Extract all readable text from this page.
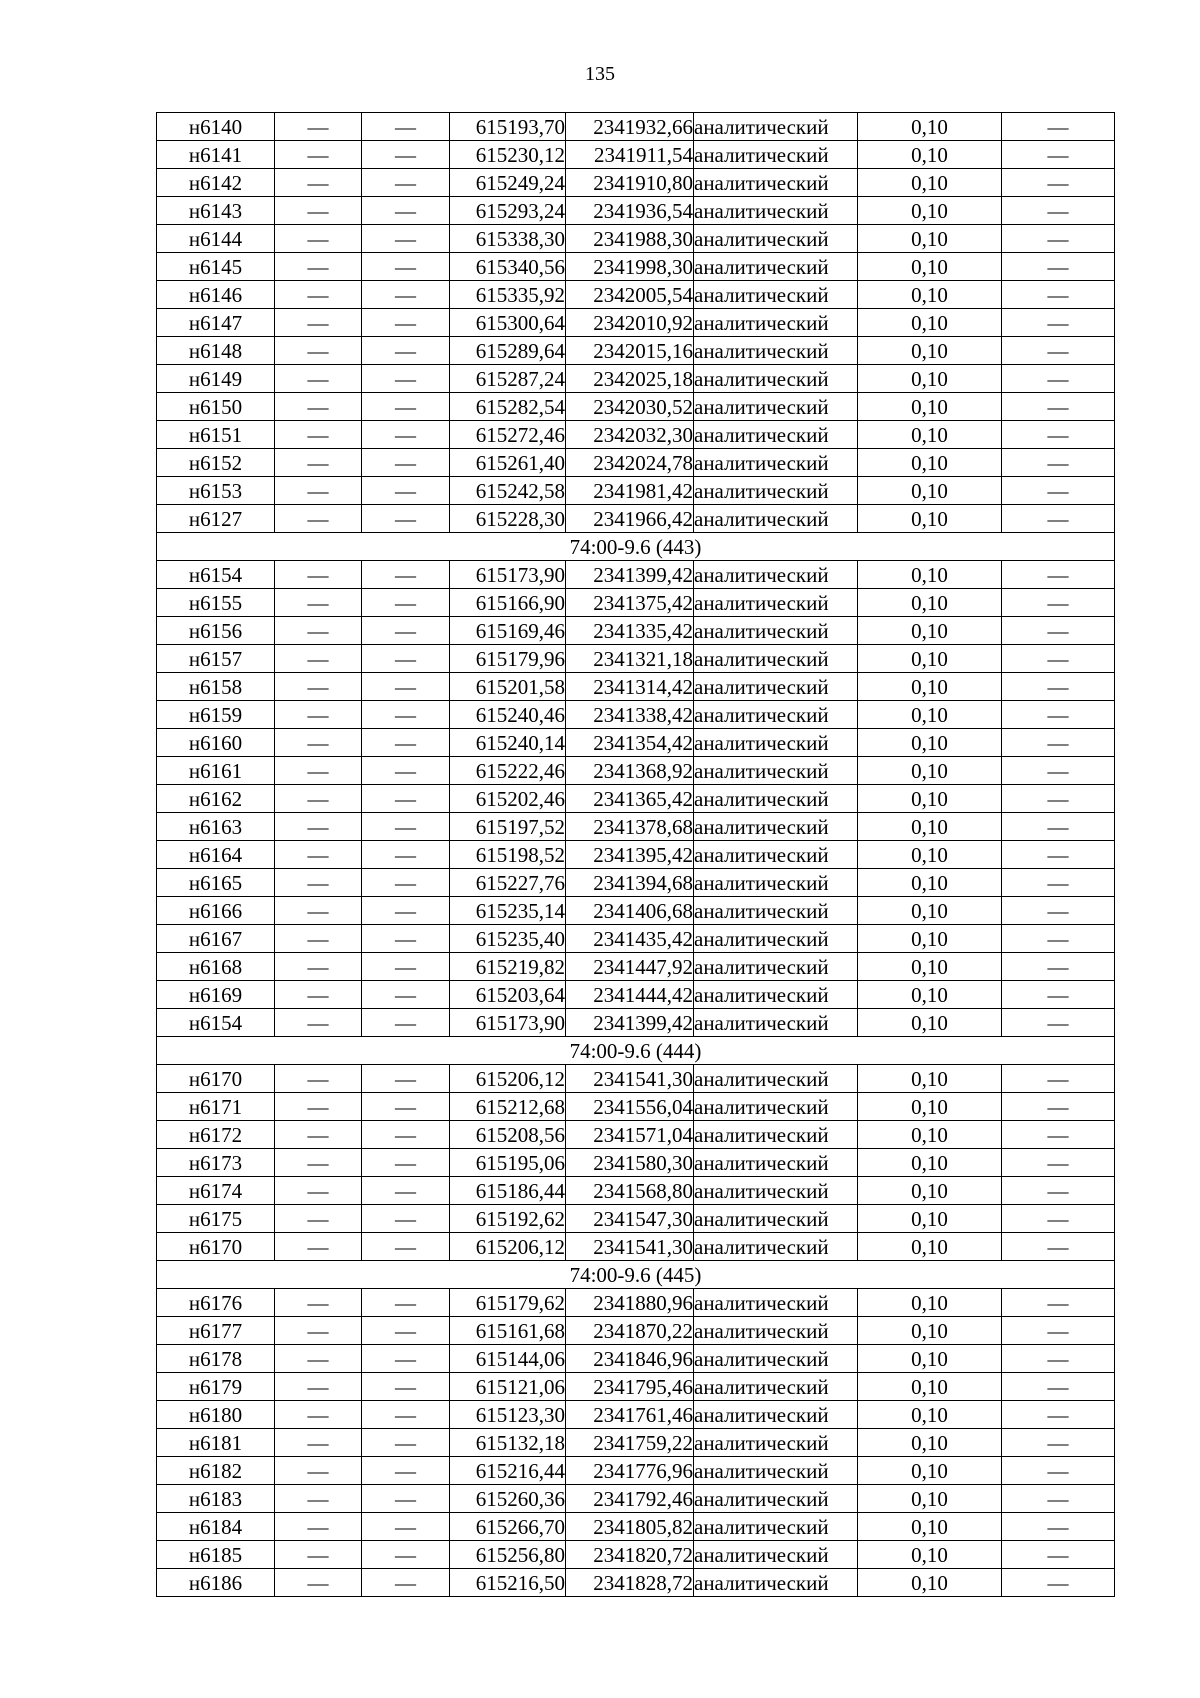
135
н6140	—	—	615193,70	2341932,66	аналитический	0,10	—
н6141	—	—	615230,12	2341911,54	аналитический	0,10	—
н6142	—	—	615249,24	2341910,80	аналитический	0,10	—
н6143	—	—	615293,24	2341936,54	аналитический	0,10	—
н6144	—	—	615338,30	2341988,30	аналитический	0,10	—
н6145	—	—	615340,56	2341998,30	аналитический	0,10	—
н6146	—	—	615335,92	2342005,54	аналитический	0,10	—
н6147	—	—	615300,64	2342010,92	аналитический	0,10	—
н6148	—	—	615289,64	2342015,16	аналитический	0,10	—
н6149	—	—	615287,24	2342025,18	аналитический	0,10	—
н6150	—	—	615282,54	2342030,52	аналитический	0,10	—
н6151	—	—	615272,46	2342032,30	аналитический	0,10	—
н6152	—	—	615261,40	2342024,78	аналитический	0,10	—
н6153	—	—	615242,58	2341981,42	аналитический	0,10	—
н6127	—	—	615228,30	2341966,42	аналитический	0,10	—
74:00-9.6 (443)							
н6154	—	—	615173,90	2341399,42	аналитический	0,10	—
н6155	—	—	615166,90	2341375,42	аналитический	0,10	—
н6156	—	—	615169,46	2341335,42	аналитический	0,10	—
н6157	—	—	615179,96	2341321,18	аналитический	0,10	—
н6158	—	—	615201,58	2341314,42	аналитический	0,10	—
н6159	—	—	615240,46	2341338,42	аналитический	0,10	—
н6160	—	—	615240,14	2341354,42	аналитический	0,10	—
н6161	—	—	615222,46	2341368,92	аналитический	0,10	—
н6162	—	—	615202,46	2341365,42	аналитический	0,10	—
н6163	—	—	615197,52	2341378,68	аналитический	0,10	—
н6164	—	—	615198,52	2341395,42	аналитический	0,10	—
н6165	—	—	615227,76	2341394,68	аналитический	0,10	—
н6166	—	—	615235,14	2341406,68	аналитический	0,10	—
н6167	—	—	615235,40	2341435,42	аналитический	0,10	—
н6168	—	—	615219,82	2341447,92	аналитический	0,10	—
н6169	—	—	615203,64	2341444,42	аналитический	0,10	—
н6154	—	—	615173,90	2341399,42	аналитический	0,10	—
74:00-9.6 (444)							
н6170	—	—	615206,12	2341541,30	аналитический	0,10	—
н6171	—	—	615212,68	2341556,04	аналитический	0,10	—
н6172	—	—	615208,56	2341571,04	аналитический	0,10	—
н6173	—	—	615195,06	2341580,30	аналитический	0,10	—
н6174	—	—	615186,44	2341568,80	аналитический	0,10	—
н6175	—	—	615192,62	2341547,30	аналитический	0,10	—
н6170	—	—	615206,12	2341541,30	аналитический	0,10	—
74:00-9.6 (445)							
н6176	—	—	615179,62	2341880,96	аналитический	0,10	—
н6177	—	—	615161,68	2341870,22	аналитический	0,10	—
н6178	—	—	615144,06	2341846,96	аналитический	0,10	—
н6179	—	—	615121,06	2341795,46	аналитический	0,10	—
н6180	—	—	615123,30	2341761,46	аналитический	0,10	—
н6181	—	—	615132,18	2341759,22	аналитический	0,10	—
н6182	—	—	615216,44	2341776,96	аналитический	0,10	—
н6183	—	—	615260,36	2341792,46	аналитический	0,10	—
н6184	—	—	615266,70	2341805,82	аналитический	0,10	—
н6185	—	—	615256,80	2341820,72	аналитический	0,10	—
н6186	—	—	615216,50	2341828,72	аналитический	0,10	—
